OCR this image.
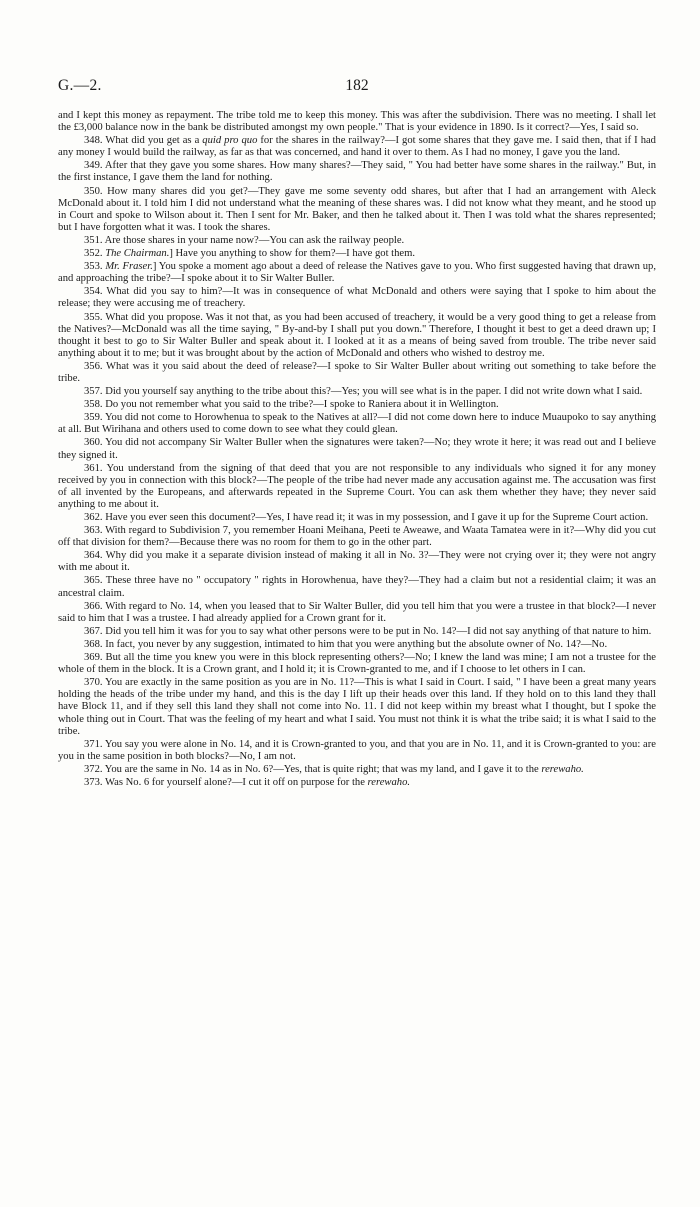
G.—2.	182

and I kept this money as repayment. The tribe told me to keep this money. This was after the subdivision. There was no meeting. I shall let the £3,000 balance now in the bank be distributed amongst my own people." That is your evidence in 1890. Is it correct?—Yes, I said so.

348. What did you get as a quid pro quo for the shares in the railway?—I got some shares that they gave me. I said then, that if I had any money I would build the railway, as far as that was concerned, and hand it over to them. As I had no money, I gave you the land.

349. After that they gave you some shares. How many shares?—They said, " You had better have some shares in the railway." But, in the first instance, I gave them the land for nothing.

350. How many shares did you get?—They gave me some seventy odd shares, but after that I had an arrangement with Aleck McDonald about it. I told him I did not understand what the meaning of these shares was. I did not know what they meant, and he stood up in Court and spoke to Wilson about it. Then I sent for Mr. Baker, and then he talked about it. Then I was told what the shares represented; but I have forgotten what it was. I took the shares.

351. Are those shares in your name now?—You can ask the railway people.

352. The Chairman.] Have you anything to show for them?—I have got them.

353. Mr. Fraser.] You spoke a moment ago about a deed of release the Natives gave to you. Who first suggested having that drawn up, and approaching the tribe?—I spoke about it to Sir Walter Buller.

354. What did you say to him?—It was in consequence of what McDonald and others were saying that I spoke to him about the release; they were accusing me of treachery.

355. What did you propose. Was it not that, as you had been accused of treachery, it would be a very good thing to get a release from the Natives?—McDonald was all the time saying, " By-and-by I shall put you down." Therefore, I thought it best to get a deed drawn up; I thought it best to go to Sir Walter Buller and speak about it. I looked at it as a means of being saved from trouble. The tribe never said anything about it to me; but it was brought about by the action of McDonald and others who wished to destroy me.

356. What was it you said about the deed of release?—I spoke to Sir Walter Buller about writing out something to take before the tribe.

357. Did you yourself say anything to the tribe about this?—Yes; you will see what is in the paper. I did not write down what I said.

358. Do you not remember what you said to the tribe?—I spoke to Raniera about it in Wellington.

359. You did not come to Horowhenua to speak to the Natives at all?—I did not come down here to induce Muaupoko to say anything at all. But Wirihana and others used to come down to see what they could glean.

360. You did not accompany Sir Walter Buller when the signatures were taken?—No; they wrote it here; it was read out and I believe they signed it.

361. You understand from the signing of that deed that you are not responsible to any individuals who signed it for any money received by you in connection with this block?—The people of the tribe had never made any accusation against me. The accusation was first of all invented by the Europeans, and afterwards repeated in the Supreme Court. You can ask them whether they have; they never said anything to me about it.

362. Have you ever seen this document?—Yes, I have read it; it was in my possession, and I gave it up for the Supreme Court action.

363. With regard to Subdivision 7, you remember Hoani Meihana, Peeti te Aweawe, and Waata Tamatea were in it?—Why did you cut off that division for them?—Because there was no room for them to go in the other part.

364. Why did you make it a separate division instead of making it all in No. 3?—They were not crying over it; they were not angry with me about it.

365. These three have no " occupatory " rights in Horowhenua, have they?—They had a claim but not a residential claim; it was an ancestral claim.

366. With regard to No. 14, when you leased that to Sir Walter Buller, did you tell him that you were a trustee in that block?—I never said to him that I was a trustee. I had already applied for a Crown grant for it.

367. Did you tell him it was for you to say what other persons were to be put in No. 14?—I did not say anything of that nature to him.

368. In fact, you never by any suggestion, intimated to him that you were anything but the absolute owner of No. 14?—No.

369. But all the time you knew you were in this block representing others?—No; I knew the land was mine; I am not a trustee for the whole of them in the block. It is a Crown grant, and I hold it; it is Crown-granted to me, and if I choose to let others in I can.

370. You are exactly in the same position as you are in No. 11?—This is what I said in Court. I said, " I have been a great many years holding the heads of the tribe under my hand, and this is the day I lift up their heads over this land. If they hold on to this land they thall have Block 11, and if they sell this land they shall not come into No. 11. I did not keep within my breast what I thought, but I spoke the whole thing out in Court. That was the feeling of my heart and what I said. You must not think it is what the tribe said; it is what I said to the tribe.

371. You say you were alone in No. 14, and it is Crown-granted to you, and that you are in No. 11, and it is Crown-granted to you: are you in the same position in both blocks?—No, I am not.

372. You are the same in No. 14 as in No. 6?—Yes, that is quite right; that was my land, and I gave it to the rerewaho.

373. Was No. 6 for yourself alone?—I cut it off on purpose for the rerewaho.
